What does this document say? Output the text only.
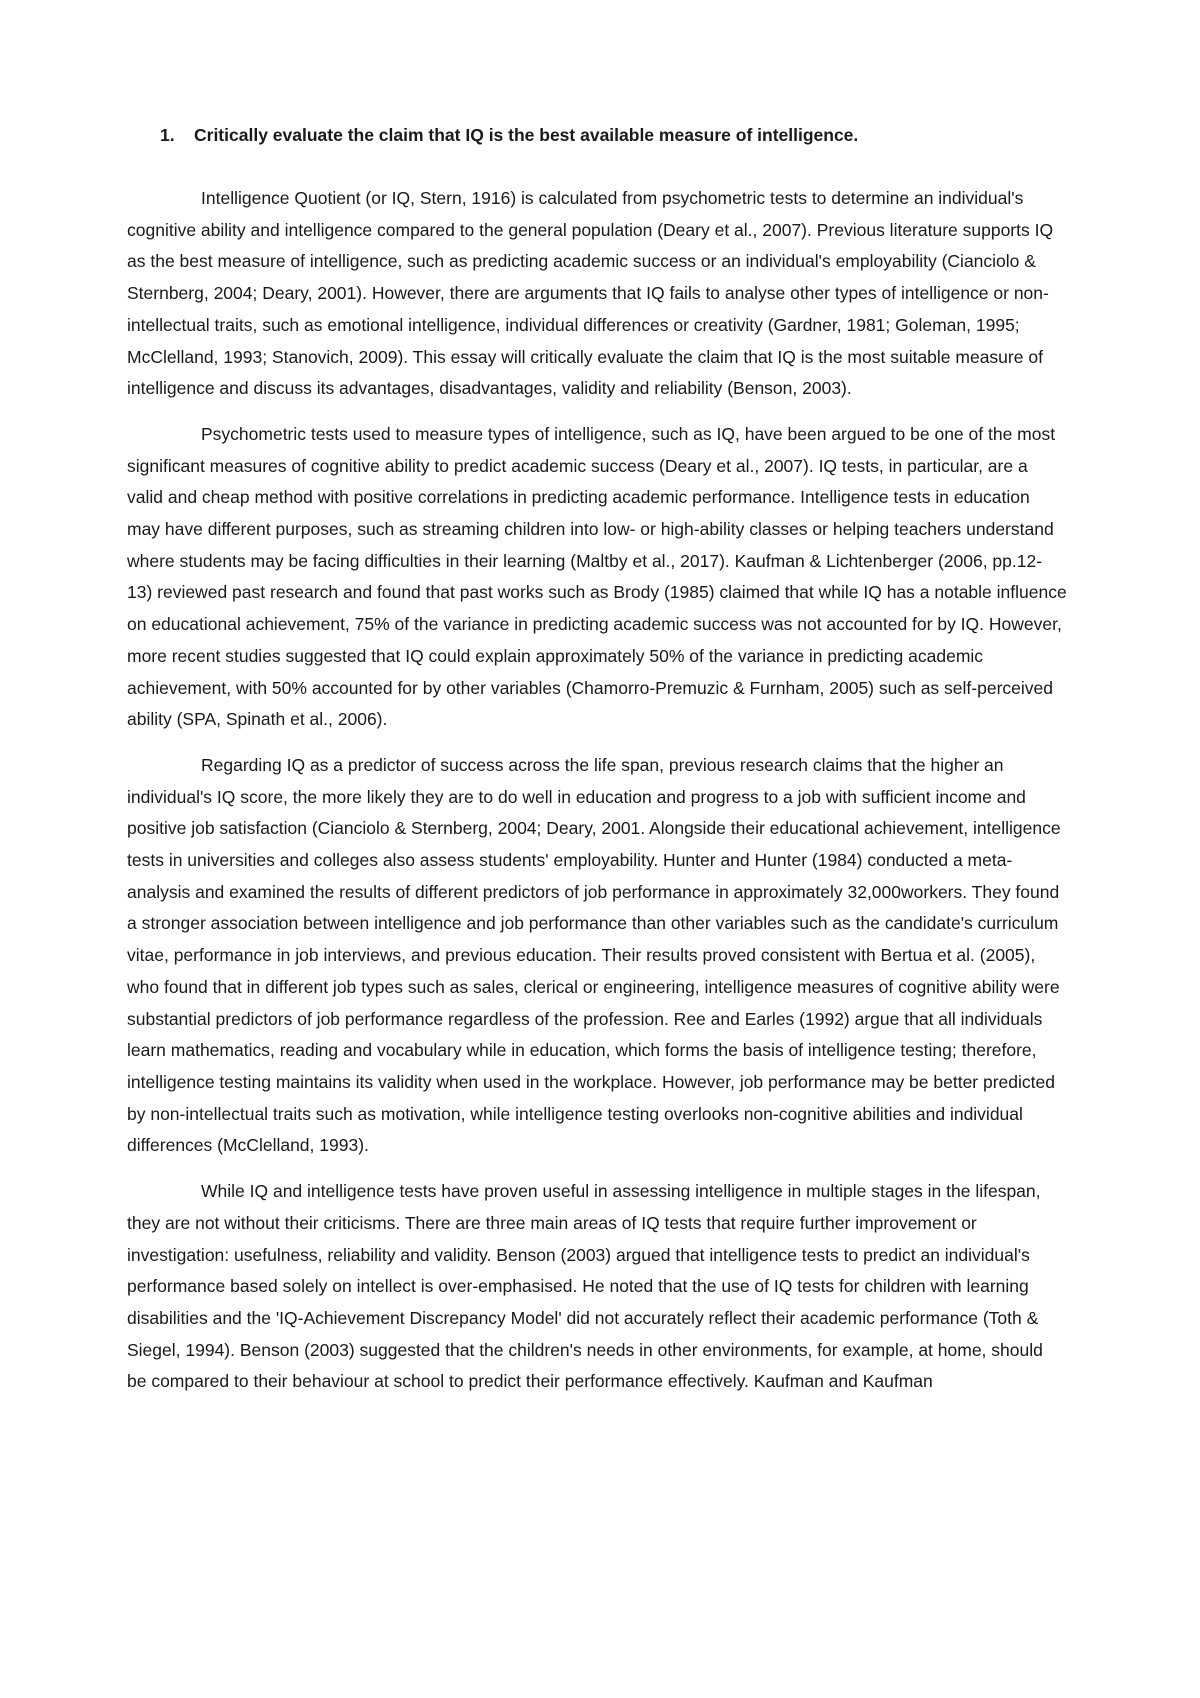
1.	Critically evaluate the claim that IQ is the best available measure of intelligence.

Intelligence Quotient (or IQ, Stern, 1916) is calculated from psychometric tests to determine an individual's cognitive ability and intelligence compared to the general population (Deary et al., 2007). Previous literature supports IQ as the best measure of intelligence, such as predicting academic success or an individual's employability (Cianciolo & Sternberg, 2004; Deary, 2001). However, there are arguments that IQ fails to analyse other types of intelligence or non-intellectual traits, such as emotional intelligence, individual differences or creativity (Gardner, 1981; Goleman, 1995; McClelland, 1993; Stanovich, 2009). This essay will critically evaluate the claim that IQ is the most suitable measure of intelligence and discuss its advantages, disadvantages, validity and reliability (Benson, 2003).

Psychometric tests used to measure types of intelligence, such as IQ, have been argued to be one of the most significant measures of cognitive ability to predict academic success (Deary et al., 2007). IQ tests, in particular, are a valid and cheap method with positive correlations in predicting academic performance. Intelligence tests in education may have different purposes, such as streaming children into low- or high-ability classes or helping teachers understand where students may be facing difficulties in their learning (Maltby et al., 2017). Kaufman & Lichtenberger (2006, pp.12-13) reviewed past research and found that past works such as Brody (1985) claimed that while IQ has a notable influence on educational achievement, 75% of the variance in predicting academic success was not accounted for by IQ. However, more recent studies suggested that IQ could explain approximately 50% of the variance in predicting academic achievement, with 50% accounted for by other variables (Chamorro-Premuzic & Furnham, 2005) such as self-perceived ability (SPA, Spinath et al., 2006).

Regarding IQ as a predictor of success across the life span, previous research claims that the higher an individual's IQ score, the more likely they are to do well in education and progress to a job with sufficient income and positive job satisfaction (Cianciolo & Sternberg, 2004; Deary, 2001. Alongside their educational achievement, intelligence tests in universities and colleges also assess students' employability. Hunter and Hunter (1984) conducted a meta-analysis and examined the results of different predictors of job performance in approximately 32,000workers. They found a stronger association between intelligence and job performance than other variables such as the candidate's curriculum vitae, performance in job interviews, and previous education. Their results proved consistent with Bertua et al. (2005), who found that in different job types such as sales, clerical or engineering, intelligence measures of cognitive ability were substantial predictors of job performance regardless of the profession. Ree and Earles (1992) argue that all individuals learn mathematics, reading and vocabulary while in education, which forms the basis of intelligence testing; therefore, intelligence testing maintains its validity when used in the workplace. However, job performance may be better predicted by non-intellectual traits such as motivation, while intelligence testing overlooks non-cognitive abilities and individual differences (McClelland, 1993).

While IQ and intelligence tests have proven useful in assessing intelligence in multiple stages in the lifespan, they are not without their criticisms. There are three main areas of IQ tests that require further improvement or investigation: usefulness, reliability and validity. Benson (2003) argued that intelligence tests to predict an individual's performance based solely on intellect is over-emphasised. He noted that the use of IQ tests for children with learning disabilities and the 'IQ-Achievement Discrepancy Model' did not accurately reflect their academic performance (Toth & Siegel, 1994). Benson (2003) suggested that the children's needs in other environments, for example, at home, should be compared to their behaviour at school to predict their performance effectively. Kaufman and Kaufman
